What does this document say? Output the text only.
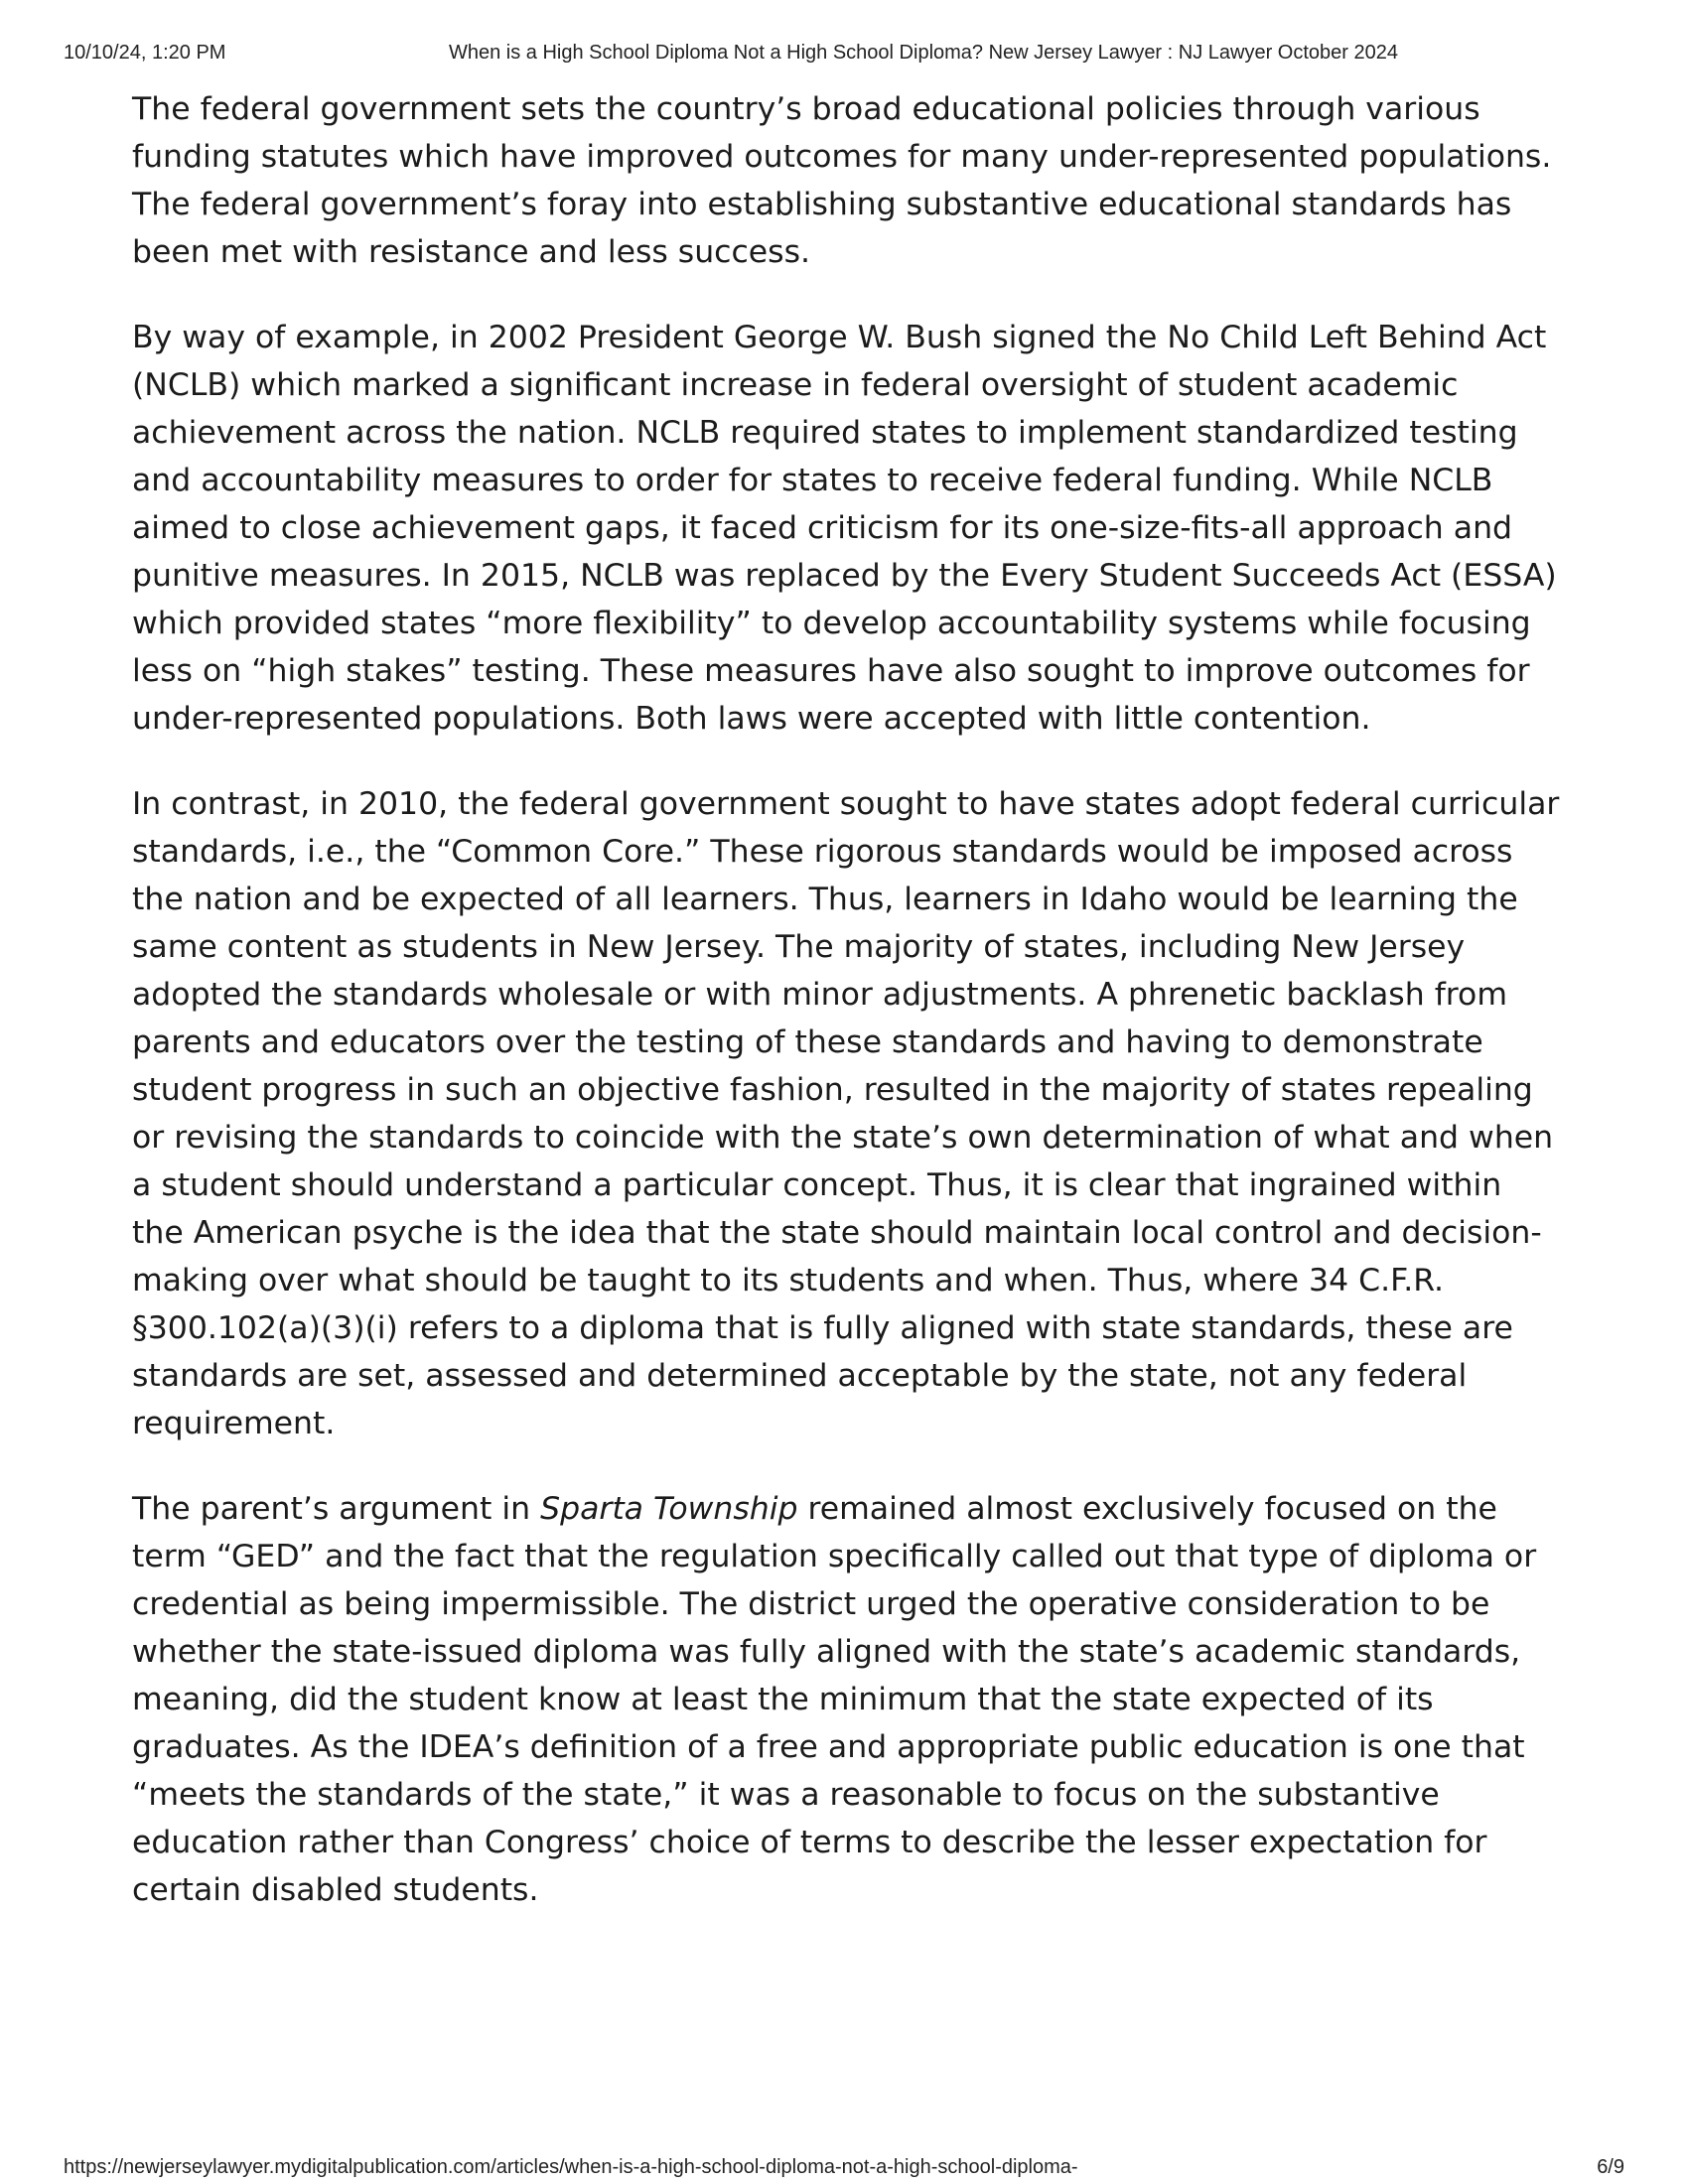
10/10/24, 1:20 PM	When is a High School Diploma Not a High School Diploma? New Jersey Lawyer : NJ Lawyer October 2024

The federal government sets the country’s broad educational policies through various funding statutes which have improved outcomes for many under-represented populations. The federal government’s foray into establishing substantive educational standards has been met with resistance and less success.

By way of example, in 2002 President George W. Bush signed the No Child Left Behind Act (NCLB) which marked a significant increase in federal oversight of student academic achievement across the nation. NCLB required states to implement standardized testing and accountability measures to order for states to receive federal funding. While NCLB aimed to close achievement gaps, it faced criticism for its one-size-fits-all approach and punitive measures. In 2015, NCLB was replaced by the Every Student Succeeds Act (ESSA) which provided states “more flexibility” to develop accountability systems while focusing less on “high stakes” testing. These measures have also sought to improve outcomes for under-represented populations. Both laws were accepted with little contention.

In contrast, in 2010, the federal government sought to have states adopt federal curricular standards, i.e., the “Common Core.” These rigorous standards would be imposed across the nation and be expected of all learners. Thus, learners in Idaho would be learning the same content as students in New Jersey. The majority of states, including New Jersey adopted the standards wholesale or with minor adjustments. A phrenetic backlash from parents and educators over the testing of these standards and having to demonstrate student progress in such an objective fashion, resulted in the majority of states repealing or revising the standards to coincide with the state’s own determination of what and when a student should understand a particular concept. Thus, it is clear that ingrained within the American psyche is the idea that the state should maintain local control and decision-making over what should be taught to its students and when. Thus, where 34 C.F.R. §300.102(a)(3)(i) refers to a diploma that is fully aligned with state standards, these are standards are set, assessed and determined acceptable by the state, not any federal requirement.

The parent’s argument in Sparta Township remained almost exclusively focused on the term “GED” and the fact that the regulation specifically called out that type of diploma or credential as being impermissible. The district urged the operative consideration to be whether the state-issued diploma was fully aligned with the state’s academic standards, meaning, did the student know at least the minimum that the state expected of its graduates. As the IDEA’s definition of a free and appropriate public education is one that “meets the standards of the state,” it was a reasonable to focus on the substantive education rather than Congress’ choice of terms to describe the lesser expectation for certain disabled students.

https://newjerseylawyer.mydigitalpublication.com/articles/when-is-a-high-school-diploma-not-a-high-school-diploma-	6/9
